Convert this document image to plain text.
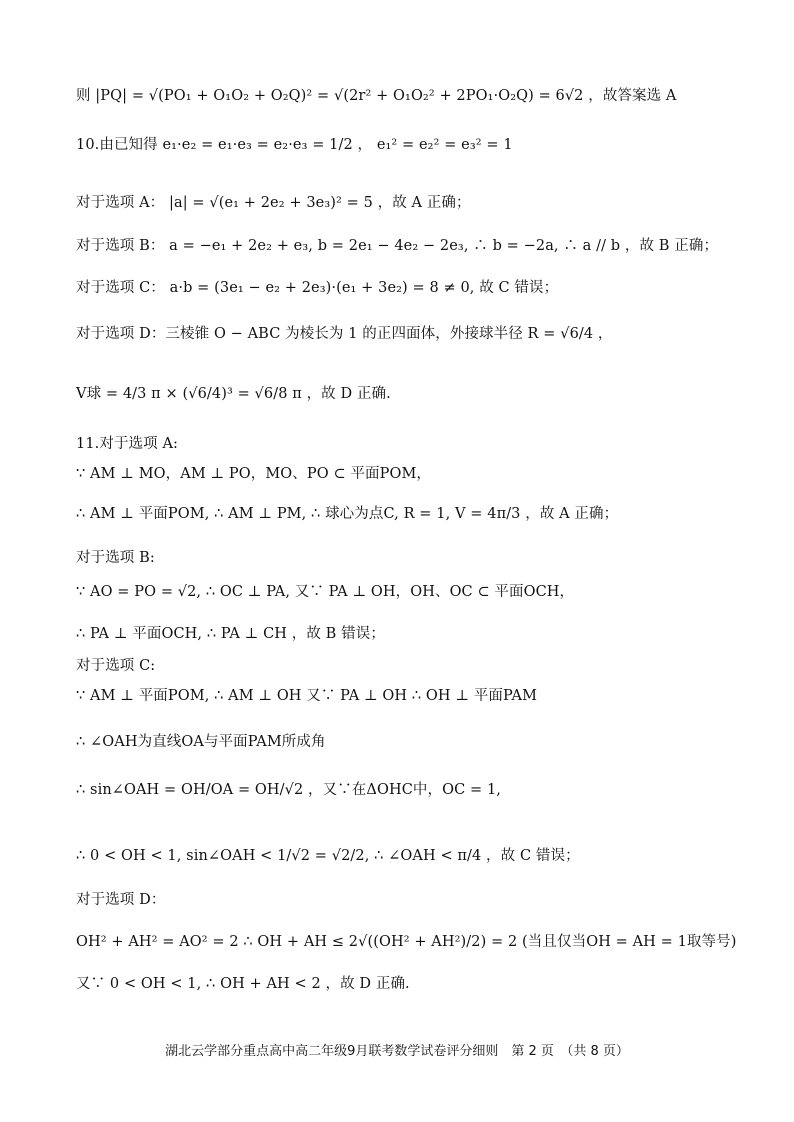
则 |PQ| = √(PO₁ + O₁O₂ + O₂Q)² = √(2r² + O₁O₂² + 2PO₁·O₂Q) = 6√2 ，故答案选 A
10.由已知得 e₁·e₂ = e₁·e₃ = e₂·e₃ = 1/2 ， e₁² = e₂² = e₃² = 1
对于选项 A： |a| = √(e₁ + 2e₂ + 3e₃)² = 5 ，故 A 正确；
对于选项 B： a = −e₁ + 2e₂ + e₃, b = 2e₁ − 4e₂ − 2e₃, ∴ b = −2a, ∴ a // b ，故 B 正确；
对于选项 C： a·b = (3e₁ − e₂ + 2e₃)·(e₁ + 3e₂) = 8 ≠ 0, 故 C 错误；
对于选项 D：三棱锥 O − ABC 为棱长为 1 的正四面体，外接球半径 R = √6/4 ，
V球 = 4/3 π × (√6/4)³ = √6/8 π ，故 D 正确.
11.对于选项 A:
∵ AM ⊥ MO，AM ⊥ PO，MO、PO ⊂ 平面POM，
∴ AM ⊥ 平面POM, ∴ AM ⊥ PM, ∴ 球心为点C, R = 1, V = 4π/3 ，故 A 正确；
对于选项 B:
∵ AO = PO = √2, ∴ OC ⊥ PA, 又∵ PA ⊥ OH，OH、OC ⊂ 平面OCH，
∴ PA ⊥ 平面OCH, ∴ PA ⊥ CH ，故 B 错误；
对于选项 C:
∵ AM ⊥ 平面POM, ∴ AM ⊥ OH 又∵ PA ⊥ OH ∴ OH ⊥ 平面PAM
∴ ∠OAH为直线OA与平面PAM所成角
∴ sin∠OAH = OH/OA = OH/√2 ，又∵在ΔOHC中，OC = 1,
∴ 0 < OH < 1, sin∠OAH < 1/√2 = √2/2, ∴ ∠OAH < π/4 ，故 C 错误；
对于选项 D：
OH² + AH² = AO² = 2 ∴ OH + AH ≤ 2√((OH² + AH²)/2) = 2 (当且仅当OH = AH = 1取等号)
又∵ 0 < OH < 1, ∴ OH + AH < 2 ，故 D 正确.
湖北云学部分重点高中高二年级9月联考数学试卷评分细则　第 2 页　（共 8 页）
